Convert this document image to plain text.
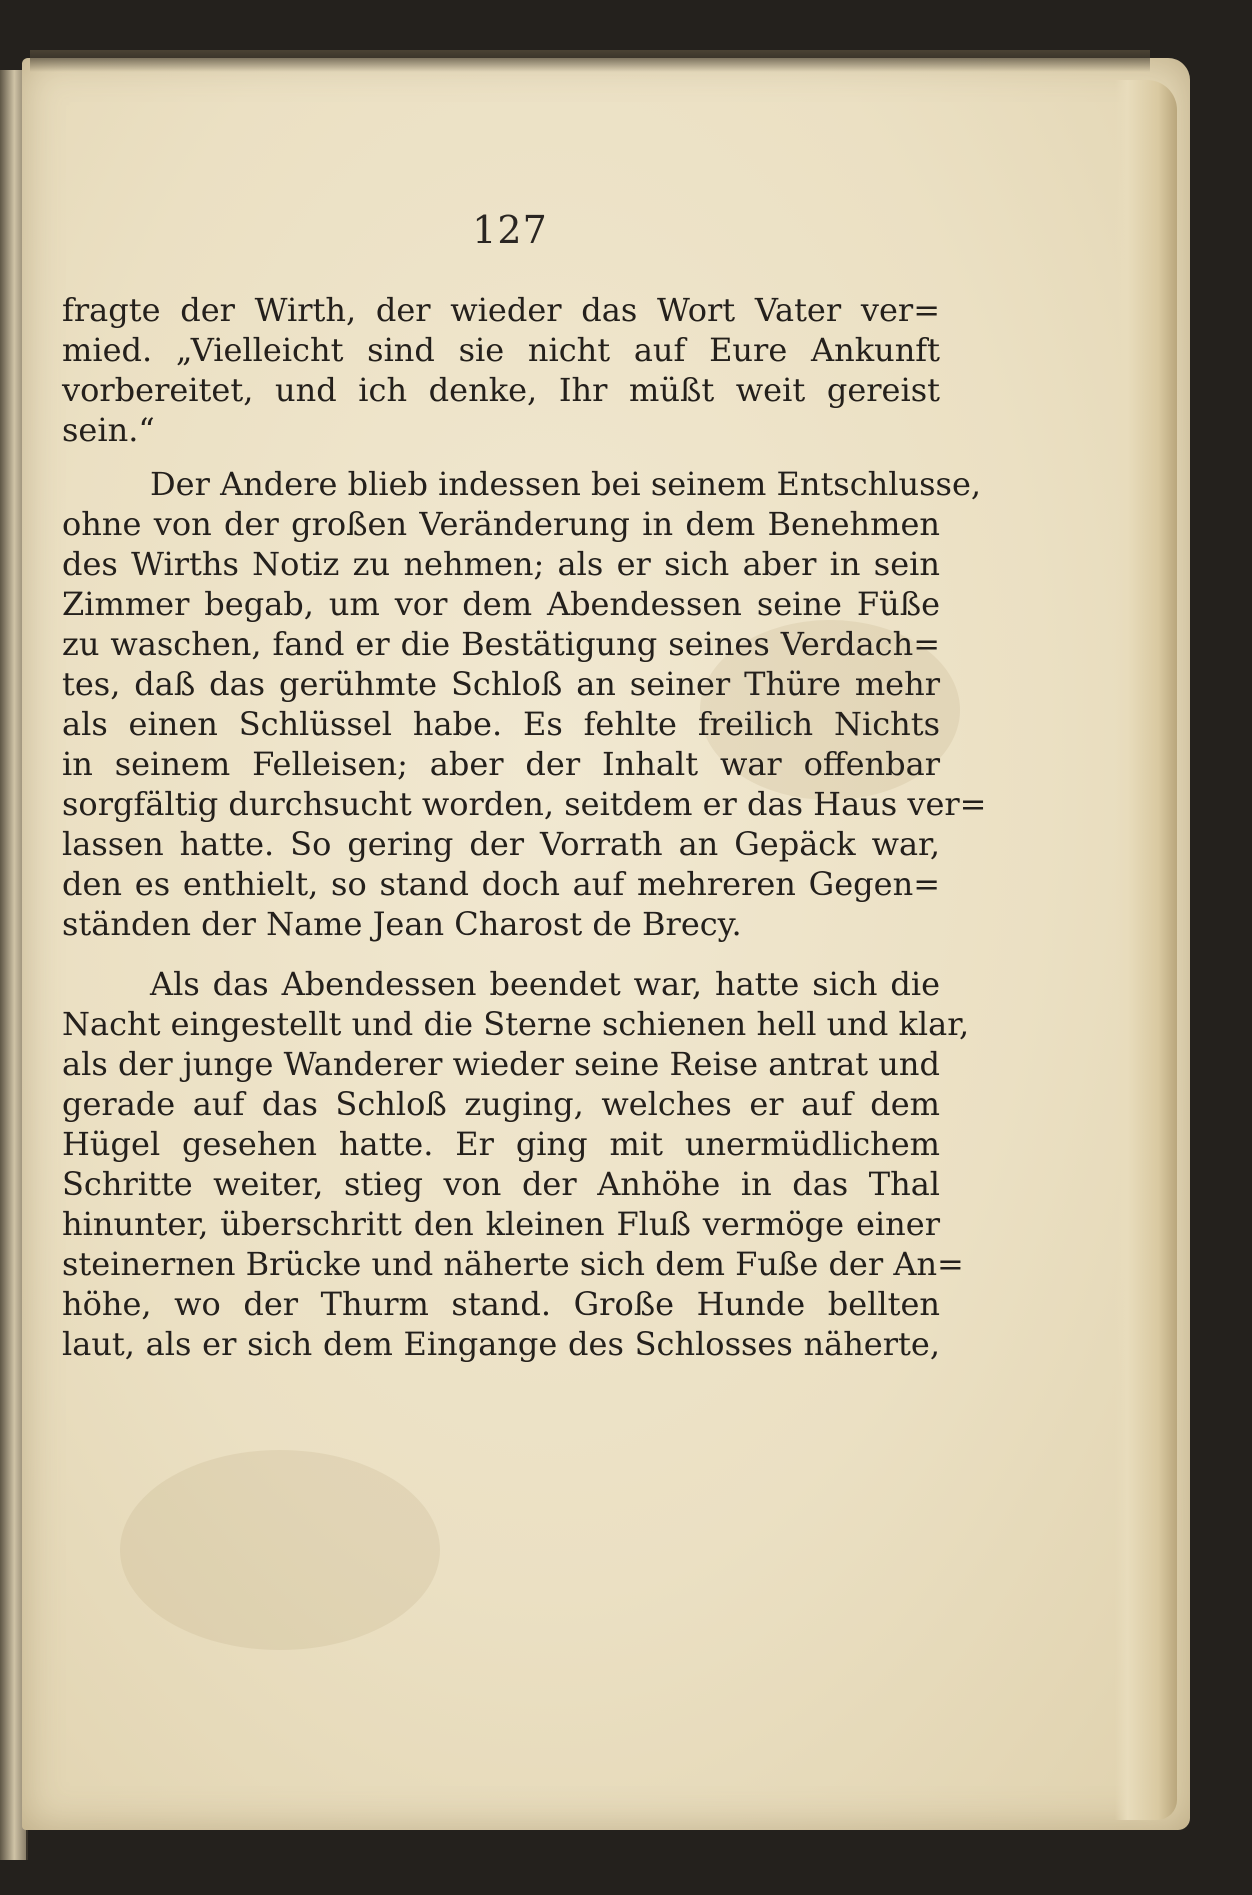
127
fragte der Wirth, der wieder das Wort Vater ver=
mied. „Vielleicht sind sie nicht auf Eure Ankunft
vorbereitet, und ich denke, Ihr müßt weit gereist
sein.“
Der Andere blieb indessen bei seinem Entschlusse,
ohne von der großen Veränderung in dem Benehmen
des Wirths Notiz zu nehmen; als er sich aber in sein
Zimmer begab, um vor dem Abendessen seine Füße
zu waschen, fand er die Bestätigung seines Verdach=
tes, daß das gerühmte Schloß an seiner Thüre mehr
als einen Schlüssel habe. Es fehlte freilich Nichts
in seinem Felleisen; aber der Inhalt war offenbar
sorgfältig durchsucht worden, seitdem er das Haus ver=
lassen hatte. So gering der Vorrath an Gepäck war,
den es enthielt, so stand doch auf mehreren Gegen=
ständen der Name Jean Charost de Brecy.
Als das Abendessen beendet war, hatte sich die
Nacht eingestellt und die Sterne schienen hell und klar,
als der junge Wanderer wieder seine Reise antrat und
gerade auf das Schloß zuging, welches er auf dem
Hügel gesehen hatte. Er ging mit unermüdlichem
Schritte weiter, stieg von der Anhöhe in das Thal
hinunter, überschritt den kleinen Fluß vermöge einer
steinernen Brücke und näherte sich dem Fuße der An=
höhe, wo der Thurm stand. Große Hunde bellten
laut, als er sich dem Eingange des Schlosses näherte,
